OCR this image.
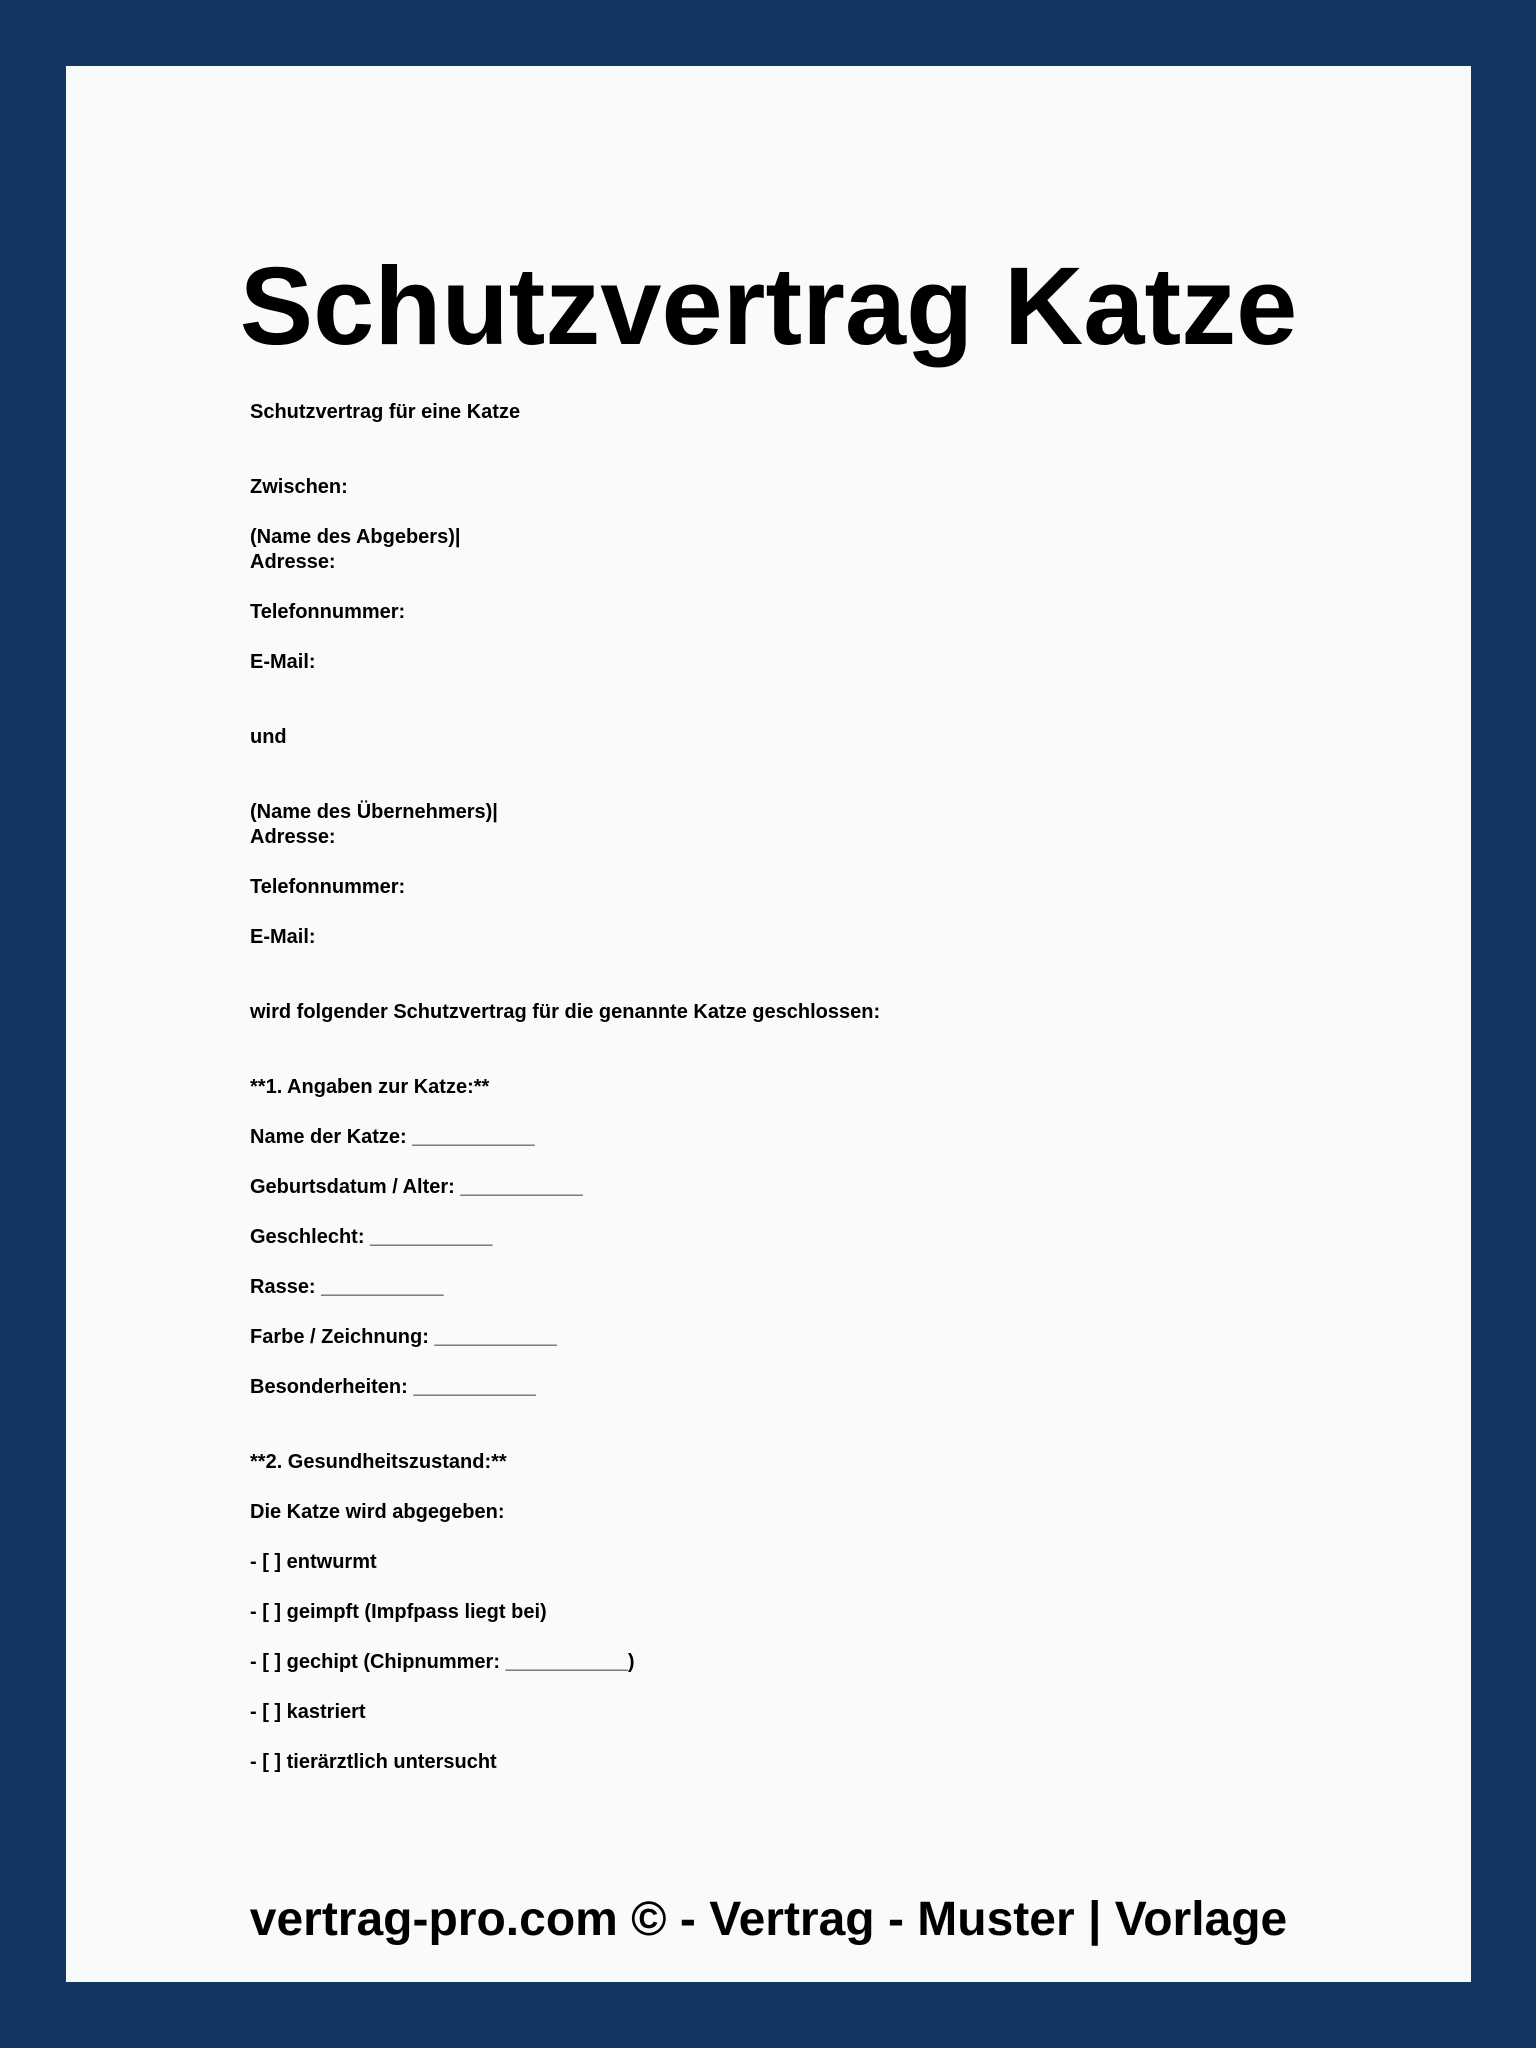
Schutzvertrag Katze
Schutzvertrag für eine Katze
Zwischen:
(Name des Abgebers)|
Adresse:
Telefonnummer:
E-Mail:
und
(Name des Übernehmers)|
Adresse:
Telefonnummer:
E-Mail:
wird folgender Schutzvertrag für die genannte Katze geschlossen:
**1. Angaben zur Katze:**
Name der Katze: ___________
Geburtsdatum / Alter: ___________
Geschlecht: ___________
Rasse: ___________
Farbe / Zeichnung: ___________
Besonderheiten: ___________
**2. Gesundheitszustand:**
Die Katze wird abgegeben:
- [ ] entwurmt
- [ ] geimpft (Impfpass liegt bei)
- [ ] gechipt (Chipnummer: ___________)
- [ ] kastriert
- [ ] tierärztlich untersucht
vertrag-pro.com © - Vertrag - Muster | Vorlage
